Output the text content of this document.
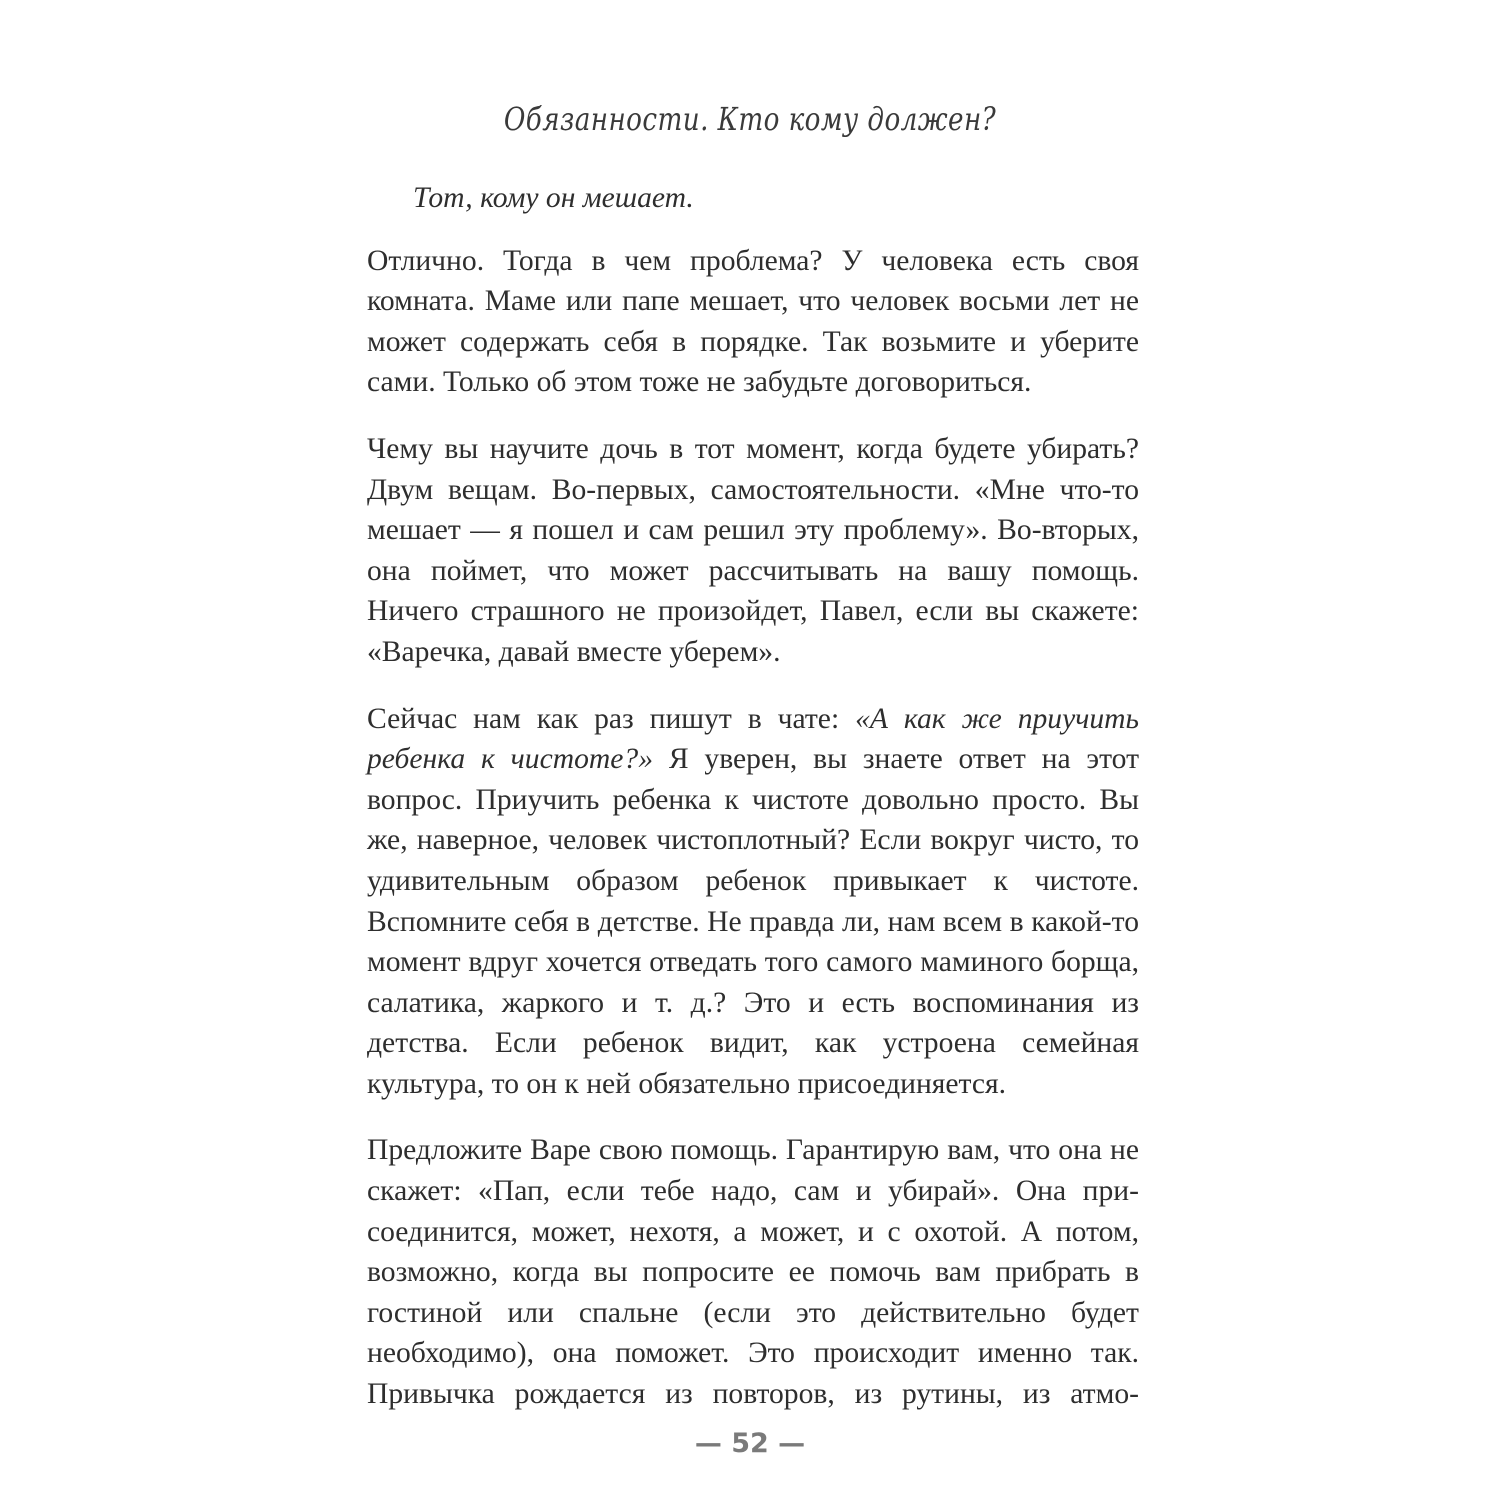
Обязанности. Кто кому должен?

Тот, кому он мешает.

Отлично. Тогда в чем проблема? У человека есть своя комната. Маме или папе мешает, что человек восьми лет не может содержать себя в порядке. Так возьмите и уберите сами. Только об этом тоже не забудьте договориться.

Чему вы научите дочь в тот момент, когда будете убирать? Двум вещам. Во-первых, самостоятельности. «Мне что-то мешает — я пошел и сам решил эту проблему». Во-вторых, она поймет, что может рассчитывать на вашу помощь. Ничего страшного не произойдет, Павел, если вы скажете: «Варечка, давай вместе уберем».

Сейчас нам как раз пишут в чате: «А как же приучить ребенка к чистоте?» Я уверен, вы знаете ответ на этот вопрос. Приучить ребенка к чистоте довольно просто. Вы же, наверное, человек чистоплотный? Если вокруг чисто, то удивительным образом ребенок привыкает к чистоте. Вспомните себя в детстве. Не правда ли, нам всем в какой-то момент вдруг хочется отведать того самого маминого борща, салатика, жаркого и т. д.? Это и есть воспоминания из детства. Если ребенок видит, как устроена семейная культура, то он к ней обязательно присоединяется.

Предложите Варе свою помощь. Гарантирую вам, что она не скажет: «Пап, если тебе надо, сам и убирай». Она присоединится, может, нехотя, а может, и с охотой. А потом, возможно, когда вы попросите ее помочь вам прибрать в гостиной или спальне (если это действительно будет необходимо), она поможет. Это происходит именно так. Привычка рождается из повторов, из рутины, из атмо-

— 52 —
